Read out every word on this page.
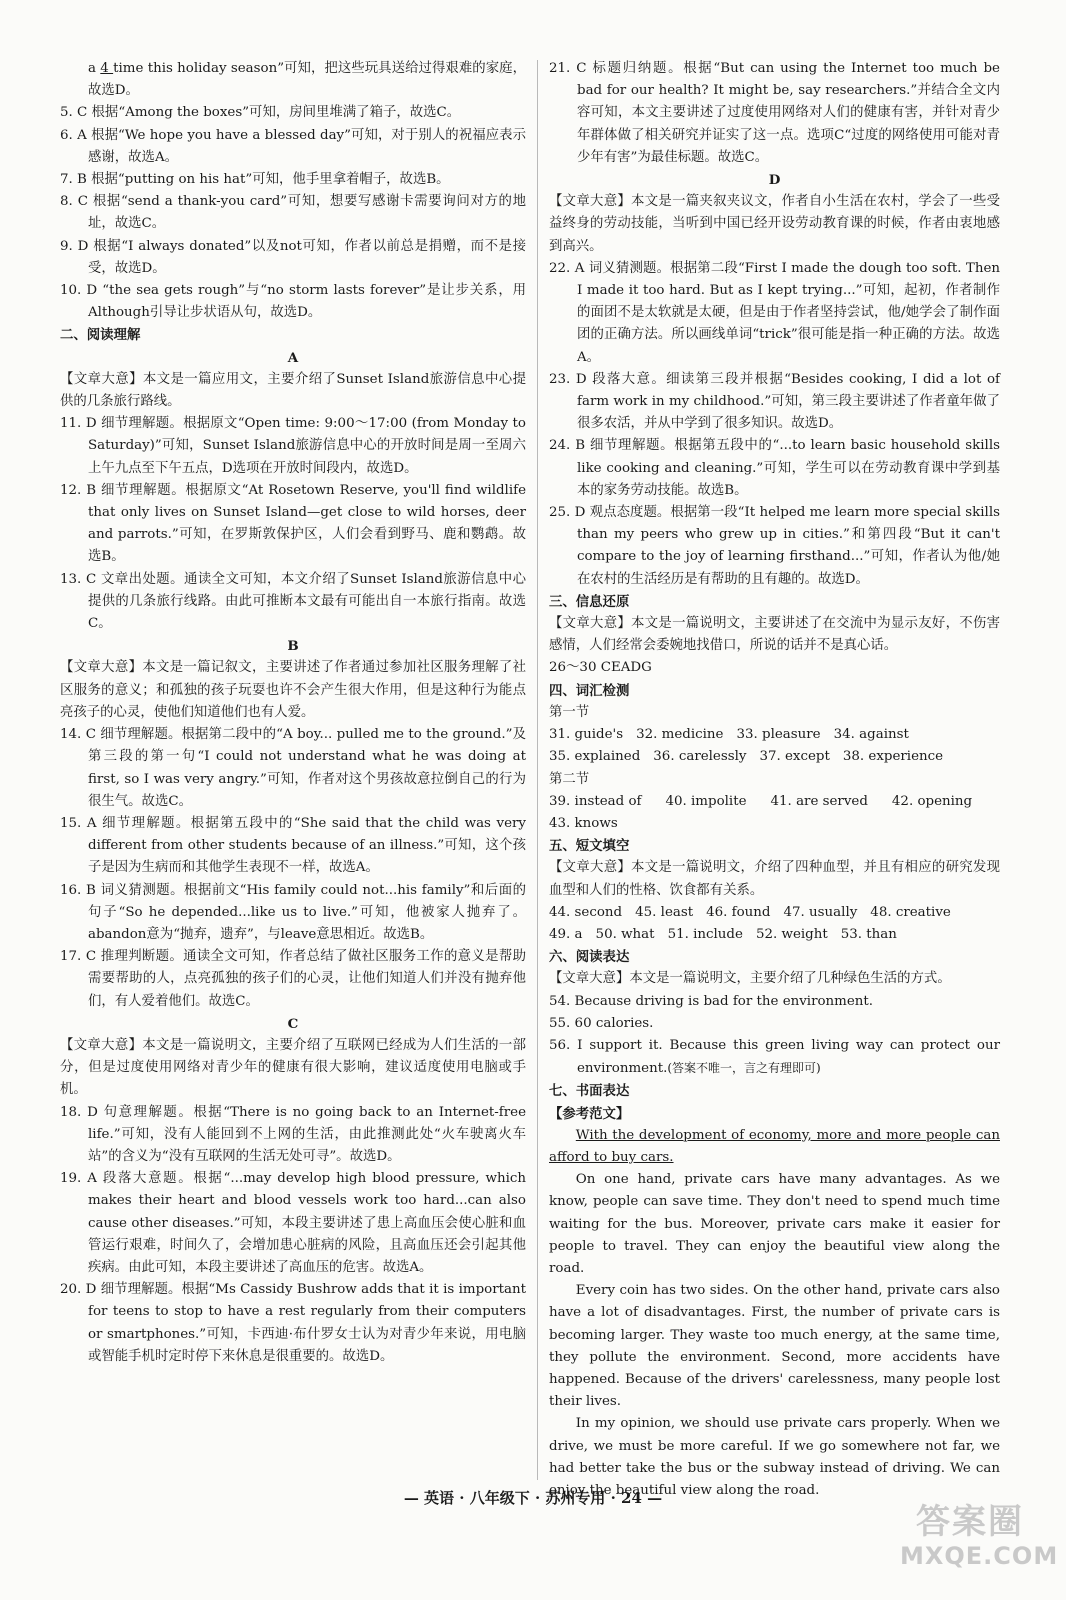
a 4 time this holiday season”可知，把这些玩具送给过得艰难的家庭，故选D。

5. C 根据“Among the boxes”可知，房间里堆满了箱子，故选C。

6. A 根据“We hope you have a blessed day”可知，对于别人的祝福应表示感谢，故选A。

7. B 根据“putting on his hat”可知，他手里拿着帽子，故选B。

8. C 根据“send a thank-you card”可知，想要写感谢卡需要询问对方的地址，故选C。

9. D 根据“I always donated”以及not可知，作者以前总是捐赠，而不是接受，故选D。

10. D “the sea gets rough”与“no storm lasts forever”是让步关系，用Although引导让步状语从句，故选D。

二、阅读理解

A

【文章大意】本文是一篇应用文，主要介绍了Sunset Island旅游信息中心提供的几条旅行路线。

11. D 细节理解题。根据原文“Open time: 9:00～17:00 (from Monday to Saturday)”可知，Sunset Island旅游信息中心的开放时间是周一至周六上午九点至下午五点，D选项在开放时间段内，故选D。

12. B 细节理解题。根据原文“At Rosetown Reserve, you'll find wildlife that only lives on Sunset Island—get close to wild horses, deer and parrots.”可知，在罗斯敦保护区，人们会看到野马、鹿和鹦鹉。故选B。

13. C 文章出处题。通读全文可知，本文介绍了Sunset Island旅游信息中心提供的几条旅行线路。由此可推断本文最有可能出自一本旅行指南。故选C。

B

【文章大意】本文是一篇记叙文，主要讲述了作者通过参加社区服务理解了社区服务的意义；和孤独的孩子玩耍也许不会产生很大作用，但是这种行为能点亮孩子的心灵，使他们知道他们也有人爱。

14. C 细节理解题。根据第二段中的“A boy... pulled me to the ground.”及第三段的第一句“I could not understand what he was doing at first, so I was very angry.”可知，作者对这个男孩故意拉倒自己的行为很生气。故选C。

15. A 细节理解题。根据第五段中的“She said that the child was very different from other students because of an illness.”可知，这个孩子是因为生病而和其他学生表现不一样，故选A。

16. B 词义猜测题。根据前文“His family could not...his family”和后面的句子“So he depended...like us to live.”可知，他被家人抛弃了。abandon意为“抛弃，遗弃”，与leave意思相近。故选B。

17. C 推理判断题。通读全文可知，作者总结了做社区服务工作的意义是帮助需要帮助的人，点亮孤独的孩子们的心灵，让他们知道人们并没有抛弃他们，有人爱着他们。故选C。

C

【文章大意】本文是一篇说明文，主要介绍了互联网已经成为人们生活的一部分，但是过度使用网络对青少年的健康有很大影响，建议适度使用电脑或手机。

18. D 句意理解题。根据“There is no going back to an Internet-free life.”可知，没有人能回到不上网的生活，由此推测此处“火车驶离火车站”的含义为“没有互联网的生活无处可寻”。故选D。

19. A 段落大意题。根据“...may develop high blood pressure, which makes their heart and blood vessels work too hard...can also cause other diseases.”可知，本段主要讲述了患上高血压会使心脏和血管运行艰难，时间久了，会增加患心脏病的风险，且高血压还会引起其他疾病。由此可知，本段主要讲述了高血压的危害。故选A。

20. D 细节理解题。根据“Ms Cassidy Bushrow adds that it is important for teens to stop to have a rest regularly from their computers or smartphones.”可知，卡西迪·布什罗女士认为对青少年来说，用电脑或智能手机时定时停下来休息是很重要的。故选D。

21. C 标题归纳题。根据“But can using the Internet too much be bad for our health? It might be, say researchers.”并结合全文内容可知，本文主要讲述了过度使用网络对人们的健康有害，并针对青少年群体做了相关研究并证实了这一点。选项C“过度的网络使用可能对青少年有害”为最佳标题。故选C。

D

【文章大意】本文是一篇夹叙夹议文，作者自小生活在农村，学会了一些受益终身的劳动技能，当听到中国已经开设劳动教育课的时候，作者由衷地感到高兴。

22. A 词义猜测题。根据第二段“First I made the dough too soft. Then I made it too hard. But as I kept trying...”可知，起初，作者制作的面团不是太软就是太硬，但是由于作者坚持尝试，他/她学会了制作面团的正确方法。所以画线单词“trick”很可能是指一种正确的方法。故选A。

23. D 段落大意。细读第三段并根据“Besides cooking, I did a lot of farm work in my childhood.”可知，第三段主要讲述了作者童年做了很多农活，并从中学到了很多知识。故选D。

24. B 细节理解题。根据第五段中的“...to learn basic household skills like cooking and cleaning.”可知，学生可以在劳动教育课中学到基本的家务劳动技能。故选B。

25. D 观点态度题。根据第一段“It helped me learn more special skills than my peers who grew up in cities.”和第四段“But it can't compare to the joy of learning firsthand...”可知，作者认为他/她在农村的生活经历是有帮助的且有趣的。故选D。

三、信息还原

【文章大意】本文是一篇说明文，主要讲述了在交流中为显示友好，不伤害感情，人们经常会委婉地找借口，所说的话并不是真心话。

26～30 CEADG

四、词汇检测

第一节

31. guide's 32. medicine 33. pleasure 34. against

35. explained 36. carelessly 37. except 38. experience

第二节

39. instead of 40. impolite 41. are served 42. opening

43. knows

五、短文填空

【文章大意】本文是一篇说明文，介绍了四种血型，并且有相应的研究发现血型和人们的性格、饮食都有关系。

44. second 45. least 46. found 47. usually 48. creative

49. a 50. what 51. include 52. weight 53. than

六、阅读表达

【文章大意】本文是一篇说明文，主要介绍了几种绿色生活的方式。

54. Because driving is bad for the environment.

55. 60 calories.

56. I support it. Because this green living way can protect our environment.(答案不唯一，言之有理即可)

七、书面表达

【参考范文】

With the development of economy, more and more people can afford to buy cars.

On one hand, private cars have many advantages. As we know, people can save time. They don't need to spend much time waiting for the bus. Moreover, private cars make it easier for people to travel. They can enjoy the beautiful view along the road.

Every coin has two sides. On the other hand, private cars also have a lot of disadvantages. First, the number of private cars is becoming larger. They waste too much energy, at the same time, they pollute the environment. Second, more accidents have happened. Because of the drivers' carelessness, many people lost their lives.

In my opinion, we should use private cars properly. When we drive, we must be more careful. If we go somewhere not far, we had better take the bus or the subway instead of driving. We can enjoy the beautiful view along the road.

— 英语 · 八年级下 · 苏州专用 · 24 —
答案圈
MXQE.COM
